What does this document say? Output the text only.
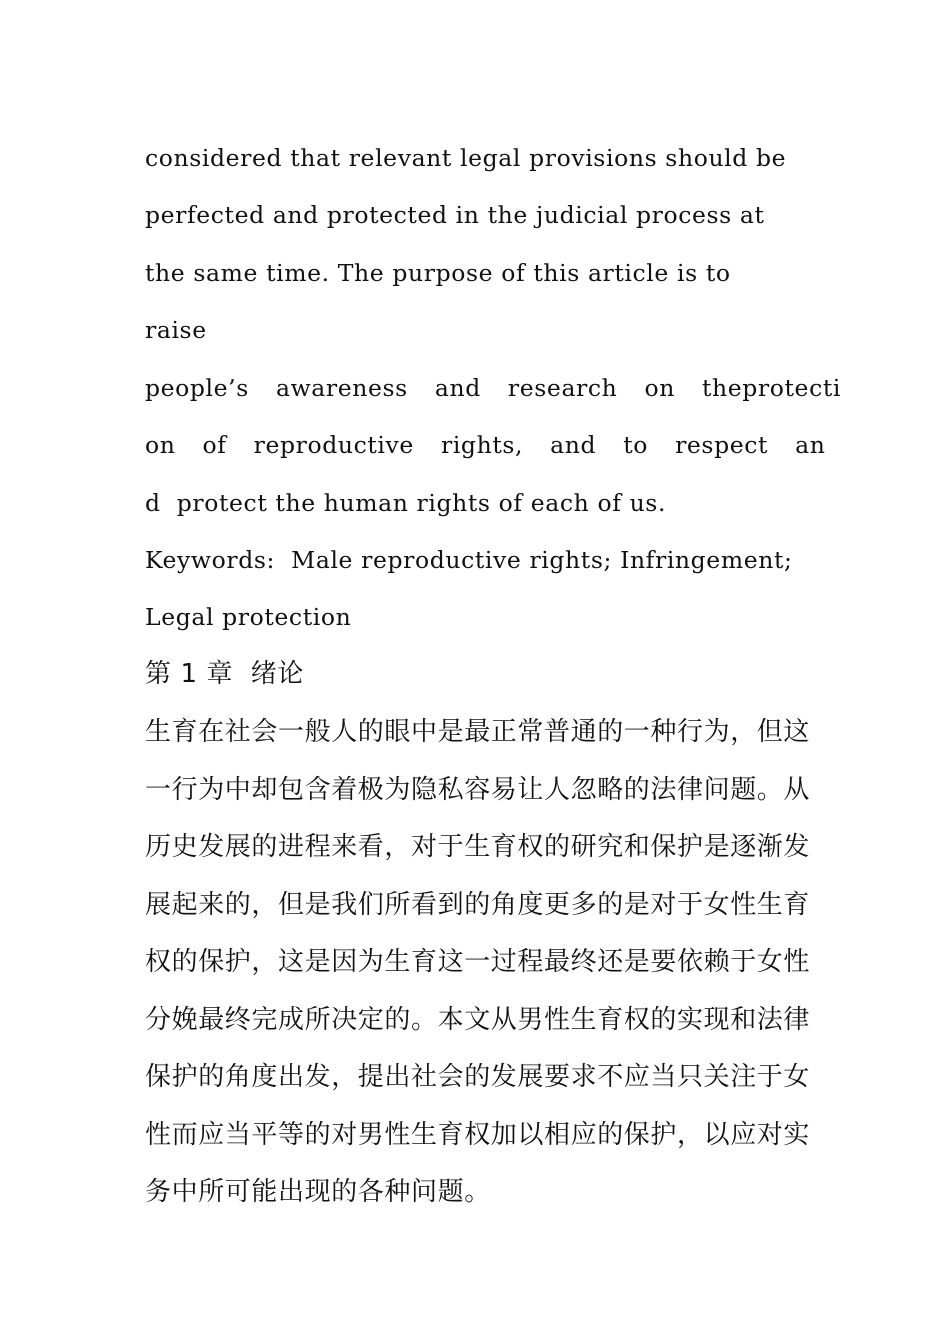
considered that relevant legal provisions should be
perfected and protected in the judicial process at
the same time. The purpose of this article is to
raise
people’s awareness and research on theprotecti
on of reproductive rights, and to respect an
d  protect the human rights of each of us.
Keywords:  Male reproductive rights; Infringement;
Legal protection
第 1 章  绪论
生育在社会一般人的眼中是最正常普通的一种行为，但这
一行为中却包含着极为隐私容易让人忽略的法律问题。从
历史发展的进程来看，对于生育权的研究和保护是逐渐发
展起来的，但是我们所看到的角度更多的是对于女性生育
权的保护，这是因为生育这一过程最终还是要依赖于女性
分娩最终完成所决定的。本文从男性生育权的实现和法律
保护的角度出发，提出社会的发展要求不应当只关注于女
性而应当平等的对男性生育权加以相应的保护，以应对实
务中所可能出现的各种问题。
